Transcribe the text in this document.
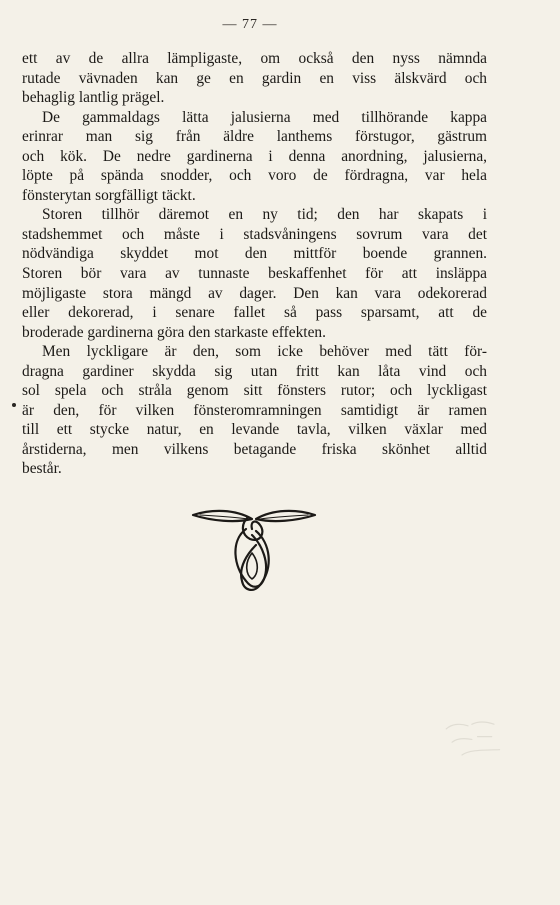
— 77 —
ett av de allra lämpligaste, om också den nyss nämnda
rutade vävnaden kan ge en gardin en viss älskvärd och
behaglig lantlig prägel.
De gammaldags lätta jalusierna med tillhörande kappa
erinrar man sig från äldre lanthems förstugor, gästrum
och kök. De nedre gardinerna i denna anordning, jalusierna,
löpte på spända snodder, och voro de fördragna, var hela
fönsterytan sorgfälligt täckt.
Storen tillhör däremot en ny tid; den har skapats i
stadshemmet och måste i stadsvåningens sovrum vara det
nödvändiga skyddet mot den mittför boende grannen.
Storen bör vara av tunnaste beskaffenhet för att insläppa
möjligaste stora mängd av dager. Den kan vara odekorerad
eller dekorerad, i senare fallet så pass sparsamt, att de
broderade gardinerna göra den starkaste effekten.
Men lyckligare är den, som icke behöver med tätt för-
dragna gardiner skydda sig utan fritt kan låta vind och
sol spela och stråla genom sitt fönsters rutor; och lyckligast
är den, för vilken fönsteromramningen samtidigt är ramen
till ett stycke natur, en levande tavla, vilken växlar med
årstiderna, men vilkens betagande friska skönhet alltid
består.
